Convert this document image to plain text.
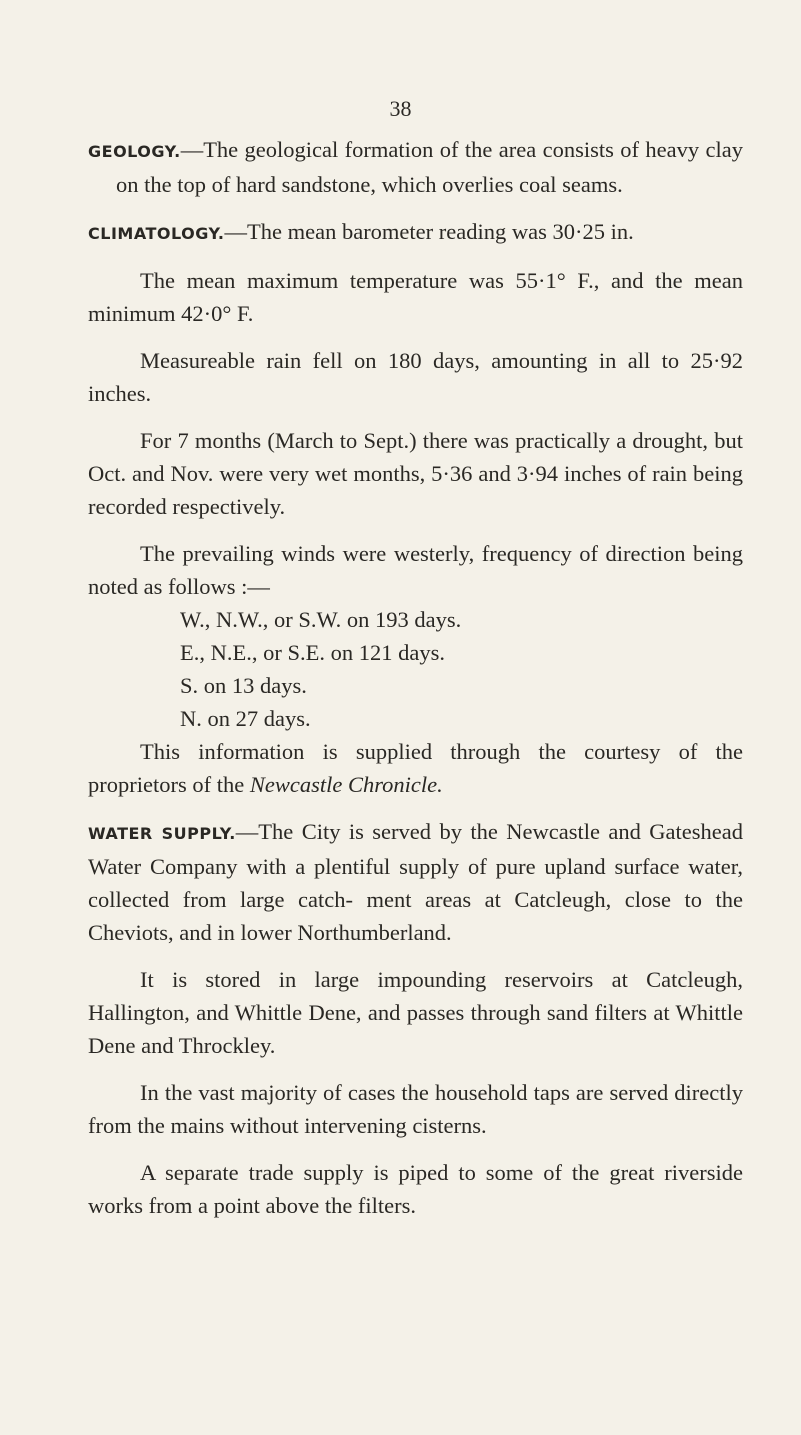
38

GEOLOGY.—The geological formation of the area consists of heavy clay on the top of hard sandstone, which overlies coal seams.

CLIMATOLOGY.—The mean barometer reading was 30·25 in.

The mean maximum temperature was 55·1° F., and the mean minimum 42·0° F.

Measureable rain fell on 180 days, amounting in all to 25·92 inches.

For 7 months (March to Sept.) there was practically a drought, but Oct. and Nov. were very wet months, 5·36 and 3·94 inches of rain being recorded respectively.

The prevailing winds were westerly, frequency of direction being noted as follows :—

W., N.W., or S.W. on 193 days.
E., N.E., or S.E. on 121 days.
S. on 13 days.
N. on 27 days.

This information is supplied through the courtesy of the proprietors of the Newcastle Chronicle.

WATER SUPPLY.—The City is served by the Newcastle and Gateshead Water Company with a plentiful supply of pure upland surface water, collected from large catch- ment areas at Catcleugh, close to the Cheviots, and in lower Northumberland.

It is stored in large impounding reservoirs at Catcleugh, Hallington, and Whittle Dene, and passes through sand filters at Whittle Dene and Throckley.

In the vast majority of cases the household taps are served directly from the mains without intervening cisterns.

A separate trade supply is piped to some of the great riverside works from a point above the filters.
